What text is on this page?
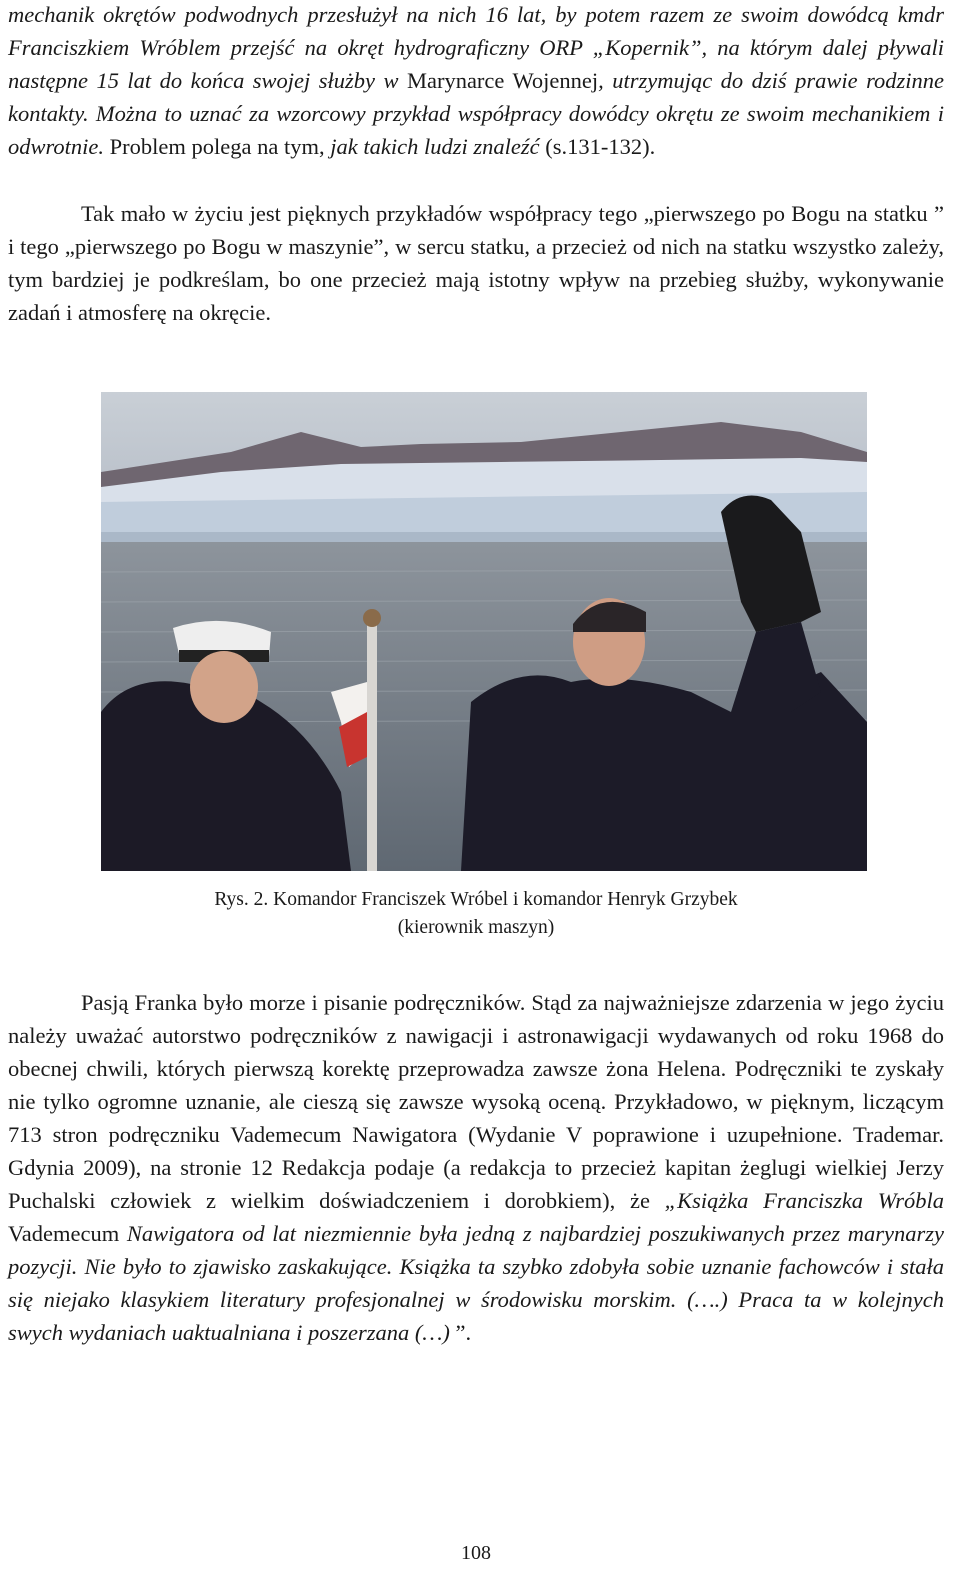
mechanik okrętów podwodnych przesłużył na nich 16 lat, by potem razem ze swoim dowódcą kmdr Franciszkiem Wróblem przejść na okręt hydrograficzny ORP „Kopernik”, na którym dalej pływali następne 15 lat do końca swojej służby w Marynarce Wojennej, utrzymując do dziś prawie rodzinne kontakty. Można to uznać za wzorcowy przykład współpracy dowódcy okrętu ze swoim mechanikiem i odwrotnie. Problem polega na tym, jak takich ludzi znaleźć (s.131-132).

Tak mało w życiu jest pięknych przykładów współpracy tego „pierwszego po Bogu na statku ” i tego „pierwszego po Bogu w maszynie”, w sercu statku, a przecież od nich na statku wszystko zależy, tym bardziej je podkreślam, bo one przecież mają istotny wpływ na przebieg służby, wykonywanie zadań i atmosferę na okręcie.

Rys. 2. Komandor Franciszek Wróbel i komandor Henryk Grzybek
(kierownik maszyn)

Pasją Franka było morze i pisanie podręczników. Stąd za najważniejsze zdarzenia w jego życiu należy uważać autorstwo podręczników z nawigacji i astronawigacji wydawanych od roku 1968 do obecnej chwili, których pierwszą korektę przeprowadza zawsze żona Helena. Podręczniki te zyskały nie tylko ogromne uznanie, ale cieszą się zawsze wysoką oceną. Przykładowo, w pięknym, liczącym 713 stron podręczniku Vademecum Nawigatora (Wydanie V poprawione i uzupełnione. Trademar. Gdynia 2009), na stronie 12 Redakcja podaje (a redakcja to przecież kapitan żeglugi wielkiej Jerzy Puchalski człowiek z wielkim doświadczeniem i dorobkiem), że „Książka Franciszka Wróbla Vademecum Nawigatora od lat niezmiennie była jedną z najbardziej poszukiwanych przez marynarzy pozycji. Nie było to zjawisko zaskakujące. Książka ta szybko zdobyła sobie uznanie fachowców i stała się niejako klasykiem literatury profesjonalnej w środowisku morskim. (….) Praca ta w kolejnych swych wydaniach uaktualniana i poszerzana (…) ”.

108
